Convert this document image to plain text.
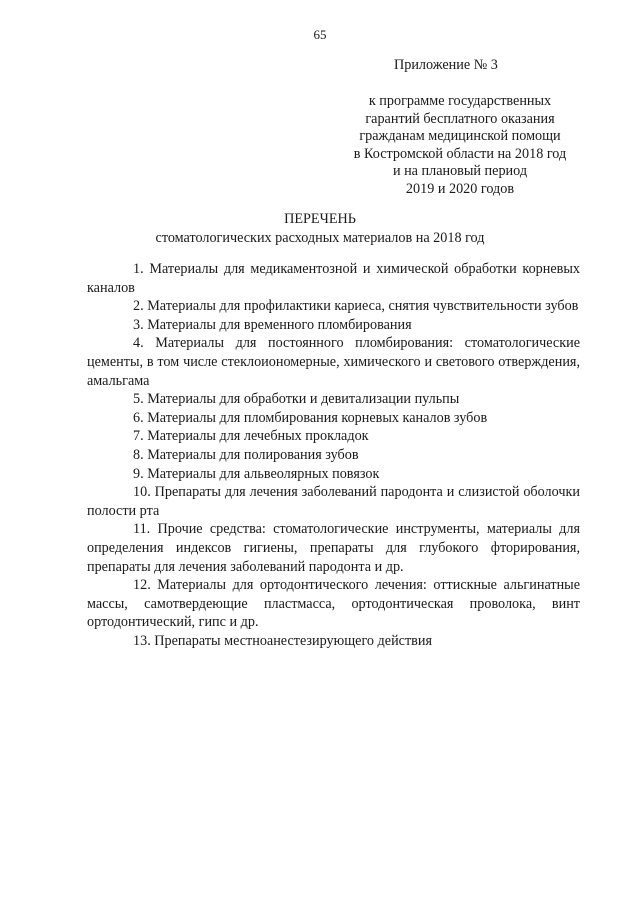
65
Приложение № 3
к программе государственных
гарантий бесплатного оказания
гражданам медицинской помощи
в Костромской области на 2018 год
и на плановый период
2019 и 2020 годов
ПЕРЕЧЕНЬ
стоматологических расходных материалов на 2018 год

1. Материалы для медикаментозной и химической обработки корневых каналов

2. Материалы для профилактики кариеса, снятия чувствительности зубов

3. Материалы для временного пломбирования

4. Материалы для постоянного пломбирования: стоматологические цементы, в том числе стеклоиономерные, химического и светового отверждения, амальгама

5. Материалы для обработки и девитализации пульпы

6. Материалы для пломбирования корневых каналов зубов

7. Материалы для лечебных прокладок

8. Материалы для полирования зубов

9. Материалы для альвеолярных повязок

10. Препараты для лечения заболеваний пародонта и слизистой оболочки полости рта

11. Прочие средства: стоматологические инструменты, материалы для определения индексов гигиены, препараты для глубокого фторирования, препараты для лечения заболеваний пародонта и др.

12. Материалы для ортодонтического лечения: оттискные альгинатные массы, самотвердеющие пластмасса, ортодонтическая проволока, винт ортодонтический, гипс и др.

13. Препараты местноанестезирующего действия
